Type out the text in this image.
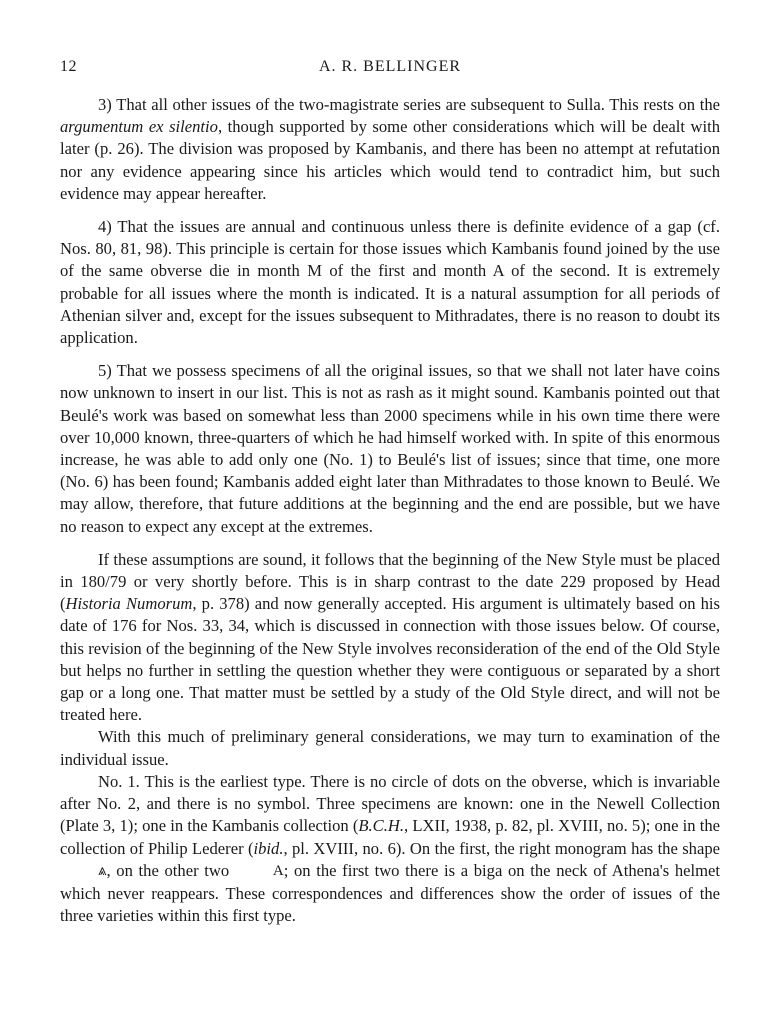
12	A. R. BELLINGER

3) That all other issues of the two-magistrate series are subsequent to Sulla. This rests on the argumentum ex silentio, though supported by some other considerations which will be dealt with later (p. 26). The division was proposed by Kambanis, and there has been no attempt at refutation nor any evidence appearing since his articles which would tend to contradict him, but such evidence may appear hereafter.

4) That the issues are annual and continuous unless there is definite evidence of a gap (cf. Nos. 80, 81, 98). This principle is certain for those issues which Kambanis found joined by the use of the same obverse die in month M of the first and month A of the second. It is extremely probable for all issues where the month is indicated. It is a natural assumption for all periods of Athenian silver and, except for the issues subsequent to Mithradates, there is no reason to doubt its application.

5) That we possess specimens of all the original issues, so that we shall not later have coins now unknown to insert in our list. This is not as rash as it might sound. Kambanis pointed out that Beulé's work was based on somewhat less than 2000 specimens while in his own time there were over 10,000 known, three-quarters of which he had himself worked with. In spite of this enormous increase, he was able to add only one (No. 1) to Beulé's list of issues; since that time, one more (No. 6) has been found; Kambanis added eight later than Mithradates to those known to Beulé. We may allow, therefore, that future additions at the beginning and the end are possible, but we have no reason to expect any except at the extremes.

If these assumptions are sound, it follows that the beginning of the New Style must be placed in 180/79 or very shortly before. This is in sharp contrast to the date 229 proposed by Head (Historia Numorum, p. 378) and now generally accepted. His argument is ultimately based on his date of 176 for Nos. 33, 34, which is discussed in connection with those issues below. Of course, this revision of the beginning of the New Style involves reconsideration of the end of the Old Style but helps no further in settling the question whether they were contiguous or separated by a short gap or a long one. That matter must be settled by a study of the Old Style direct, and will not be treated here.

With this much of preliminary general considerations, we may turn to examination of the individual issue.

No. 1. This is the earliest type. There is no circle of dots on the obverse, which is invariable after No. 2, and there is no symbol. Three specimens are known: one in the Newell Collection (Plate 3, 1); one in the Kambanis collection (B.C.H., LXII, 1938, p. 82, pl. XVIII, no. 5); one in the collection of Philip Lederer (ibid., pl. XVIII, no. 6). On the first, the right monogram has the shape ⩓, on the other two	A; on the first two there is a biga on the neck of Athena's helmet which never reappears. These correspondences and differences show the order of issues of the three varieties within this first type.
